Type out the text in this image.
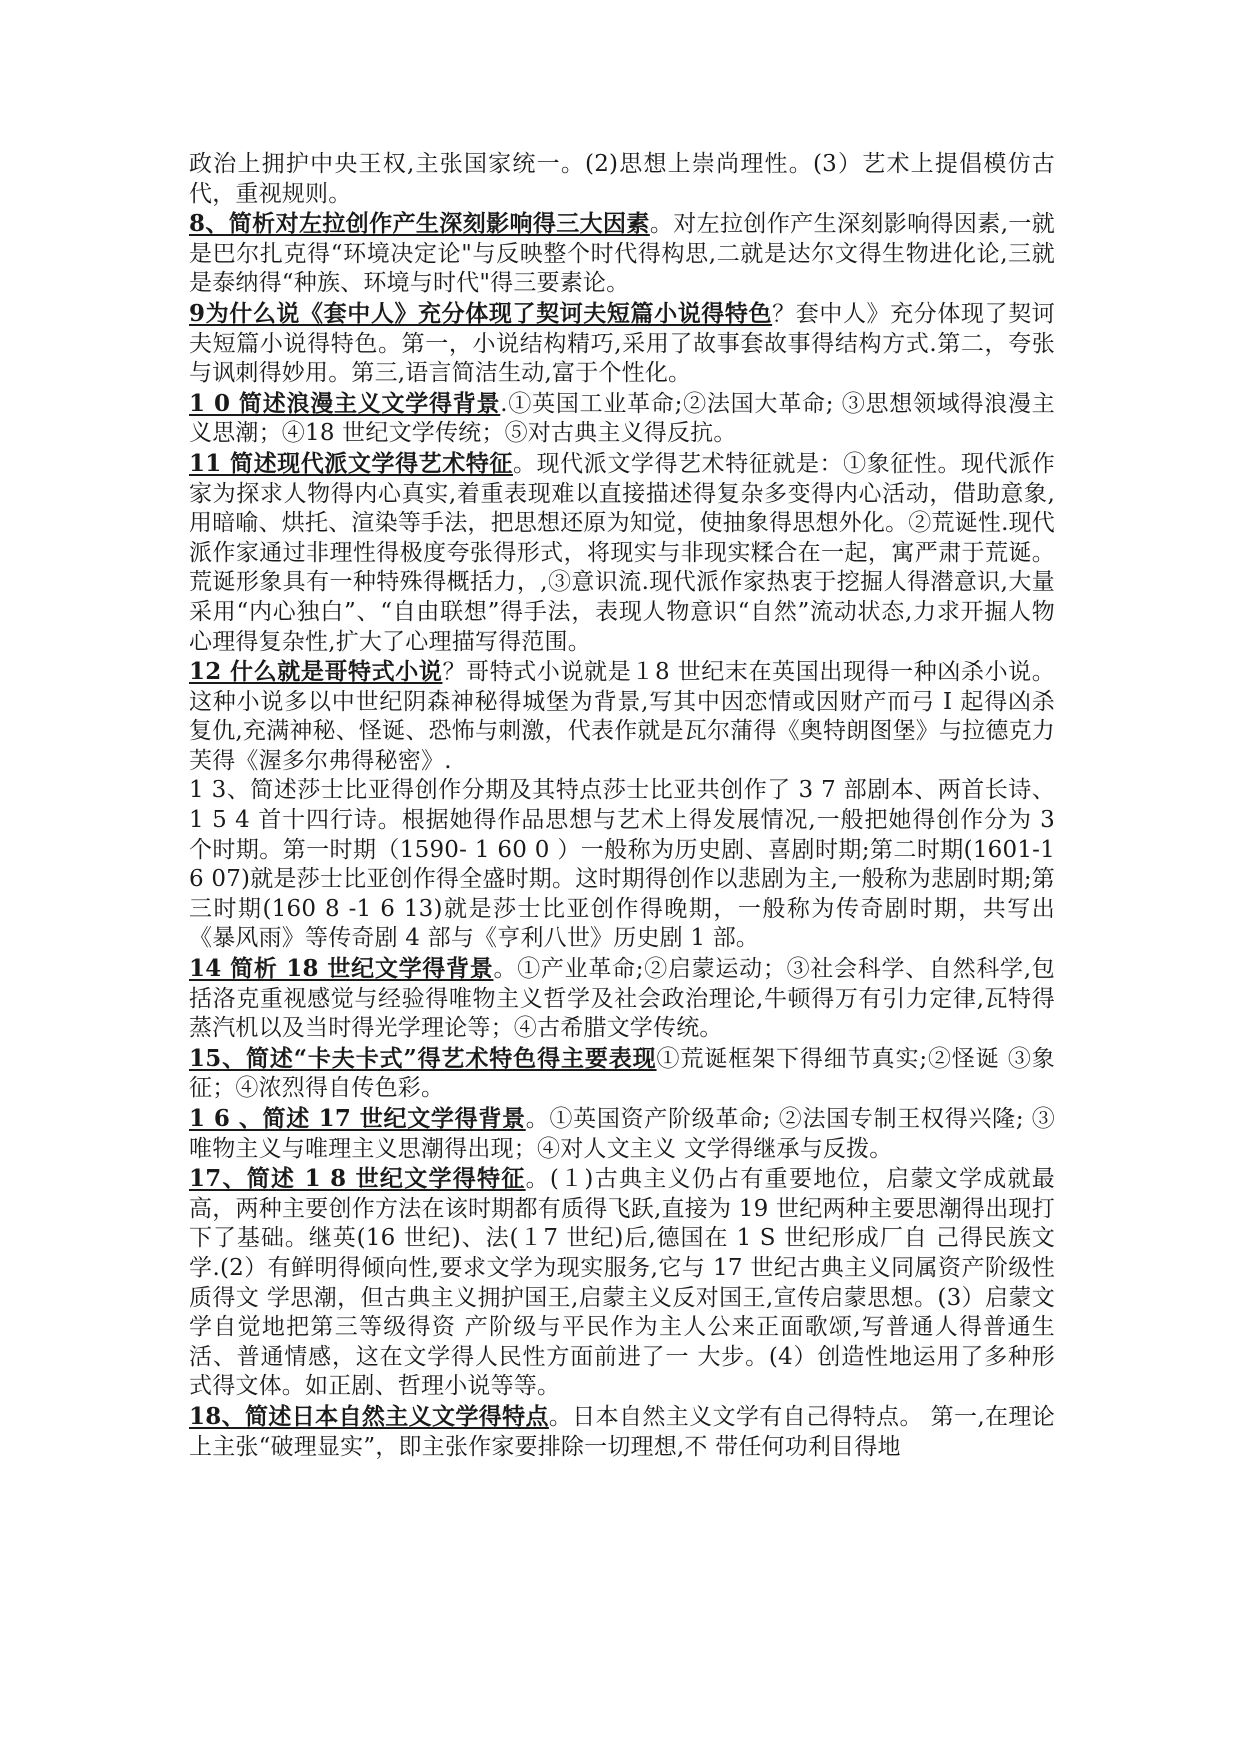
政治上拥护中央王权,主张国家统一。(2)思想上崇尚理性。(3）艺术上提倡模仿古代，重视规则。

8、简析对左拉创作产生深刻影响得三大因素。对左拉创作产生深刻影响得因素,一就是巴尔扎克得“环境决定论"与反映整个时代得构思,二就是达尔文得生物进化论,三就是泰纳得“种族、环境与时代"得三要素论。

9为什么说《套中人》充分体现了契诃夫短篇小说得特色？套中人》充分体现了契诃夫短篇小说得特色。第一，小说结构精巧,采用了故事套故事得结构方式.第二，夸张与讽刺得妙用。第三,语言简洁生动,富于个性化。

1 0 简述浪漫主义文学得背景.①英国工业革命;②法国大革命; ③思想领域得浪漫主义思潮；④18 世纪文学传统；⑤对古典主义得反抗。

11 简述现代派文学得艺术特征。现代派文学得艺术特征就是：①象征性。现代派作家为探求人物得内心真实,着重表现难以直接描述得复杂多变得内心活动，借助意象,用暗喻、烘托、渲染等手法，把思想还原为知觉，使抽象得思想外化。②荒诞性.现代派作家通过非理性得极度夸张得形式，将现实与非现实糅合在一起，寓严肃于荒诞。荒诞形象具有一种特殊得概括力，,③意识流.现代派作家热衷于挖掘人得潜意识,大量采用“内心独白”、“自由联想”得手法，表现人物意识“自然”流动状态,力求开掘人物心理得复杂性,扩大了心理描写得范围。

12 什么就是哥特式小说？哥特式小说就是１8 世纪末在英国出现得一种凶杀小说。这种小说多以中世纪阴森神秘得城堡为背景,写其中因恋情或因财产而弓 I 起得凶杀复仇,充满神秘、怪诞、恐怖与刺激，代表作就是瓦尔蒲得《奥特朗图堡》与拉德克力芙得《渥多尔弗得秘密》.

1 3、简述莎士比亚得创作分期及其特点莎士比亚共创作了 3 7 部剧本、两首长诗、1 5 4 首十四行诗。根据她得作品思想与艺术上得发展情况,一般把她得创作分为 3 个时期。第一时期（1590- 1 60 0 ）一般称为历史剧、喜剧时期;第二时期(1601-1 6 07)就是莎士比亚创作得全盛时期。这时期得创作以悲剧为主,一般称为悲剧时期;第三时期(160 8 -1 6 13)就是莎士比亚创作得晚期，一般称为传奇剧时期，共写出《暴风雨》等传奇剧 4 部与《亨利八世》历史剧 1 部。

14 简析 18 世纪文学得背景。①产业革命;②启蒙运动；③社会科学、自然科学,包括洛克重视感觉与经验得唯物主义哲学及社会政治理论,牛顿得万有引力定律,瓦特得蒸汽机以及当时得光学理论等；④古希腊文学传统。

15、简述“卡夫卡式”得艺术特色得主要表现①荒诞框架下得细节真实;②怪诞 ③象征；④浓烈得自传色彩。

1 6 、简述 17 世纪文学得背景。①英国资产阶级革命; ②法国专制王权得兴隆; ③唯物主义与唯理主义思潮得出现；④对人文主义 文学得继承与反拨。

17、简述 1 8 世纪文学得特征。(１)古典主义仍占有重要地位，启蒙文学成就最高，两种主要创作方法在该时期都有质得飞跃,直接为 19 世纪两种主要思潮得出现打下了基础。继英(16 世纪)、法(１7 世纪)后,德国在 1 S 世纪形成厂自 己得民族文学.(2）有鲜明得倾向性,要求文学为现实服务,它与 17 世纪古典主义同属资产阶级性质得文 学思潮，但古典主义拥护国王,启蒙主义反对国王,宣传启蒙思想。(3）启蒙文学自觉地把第三等级得资 产阶级与平民作为主人公来正面歌颂,写普通人得普通生活、普通情感，这在文学得人民性方面前进了一 大步。(4）创造性地运用了多种形式得文体。如正剧、哲理小说等等。

18、简述日本自然主义文学得特点。日本自然主义文学有自己得特点。 第一,在理论上主张“破理显实”，即主张作家要排除一切理想,不 带任何功利目得地
